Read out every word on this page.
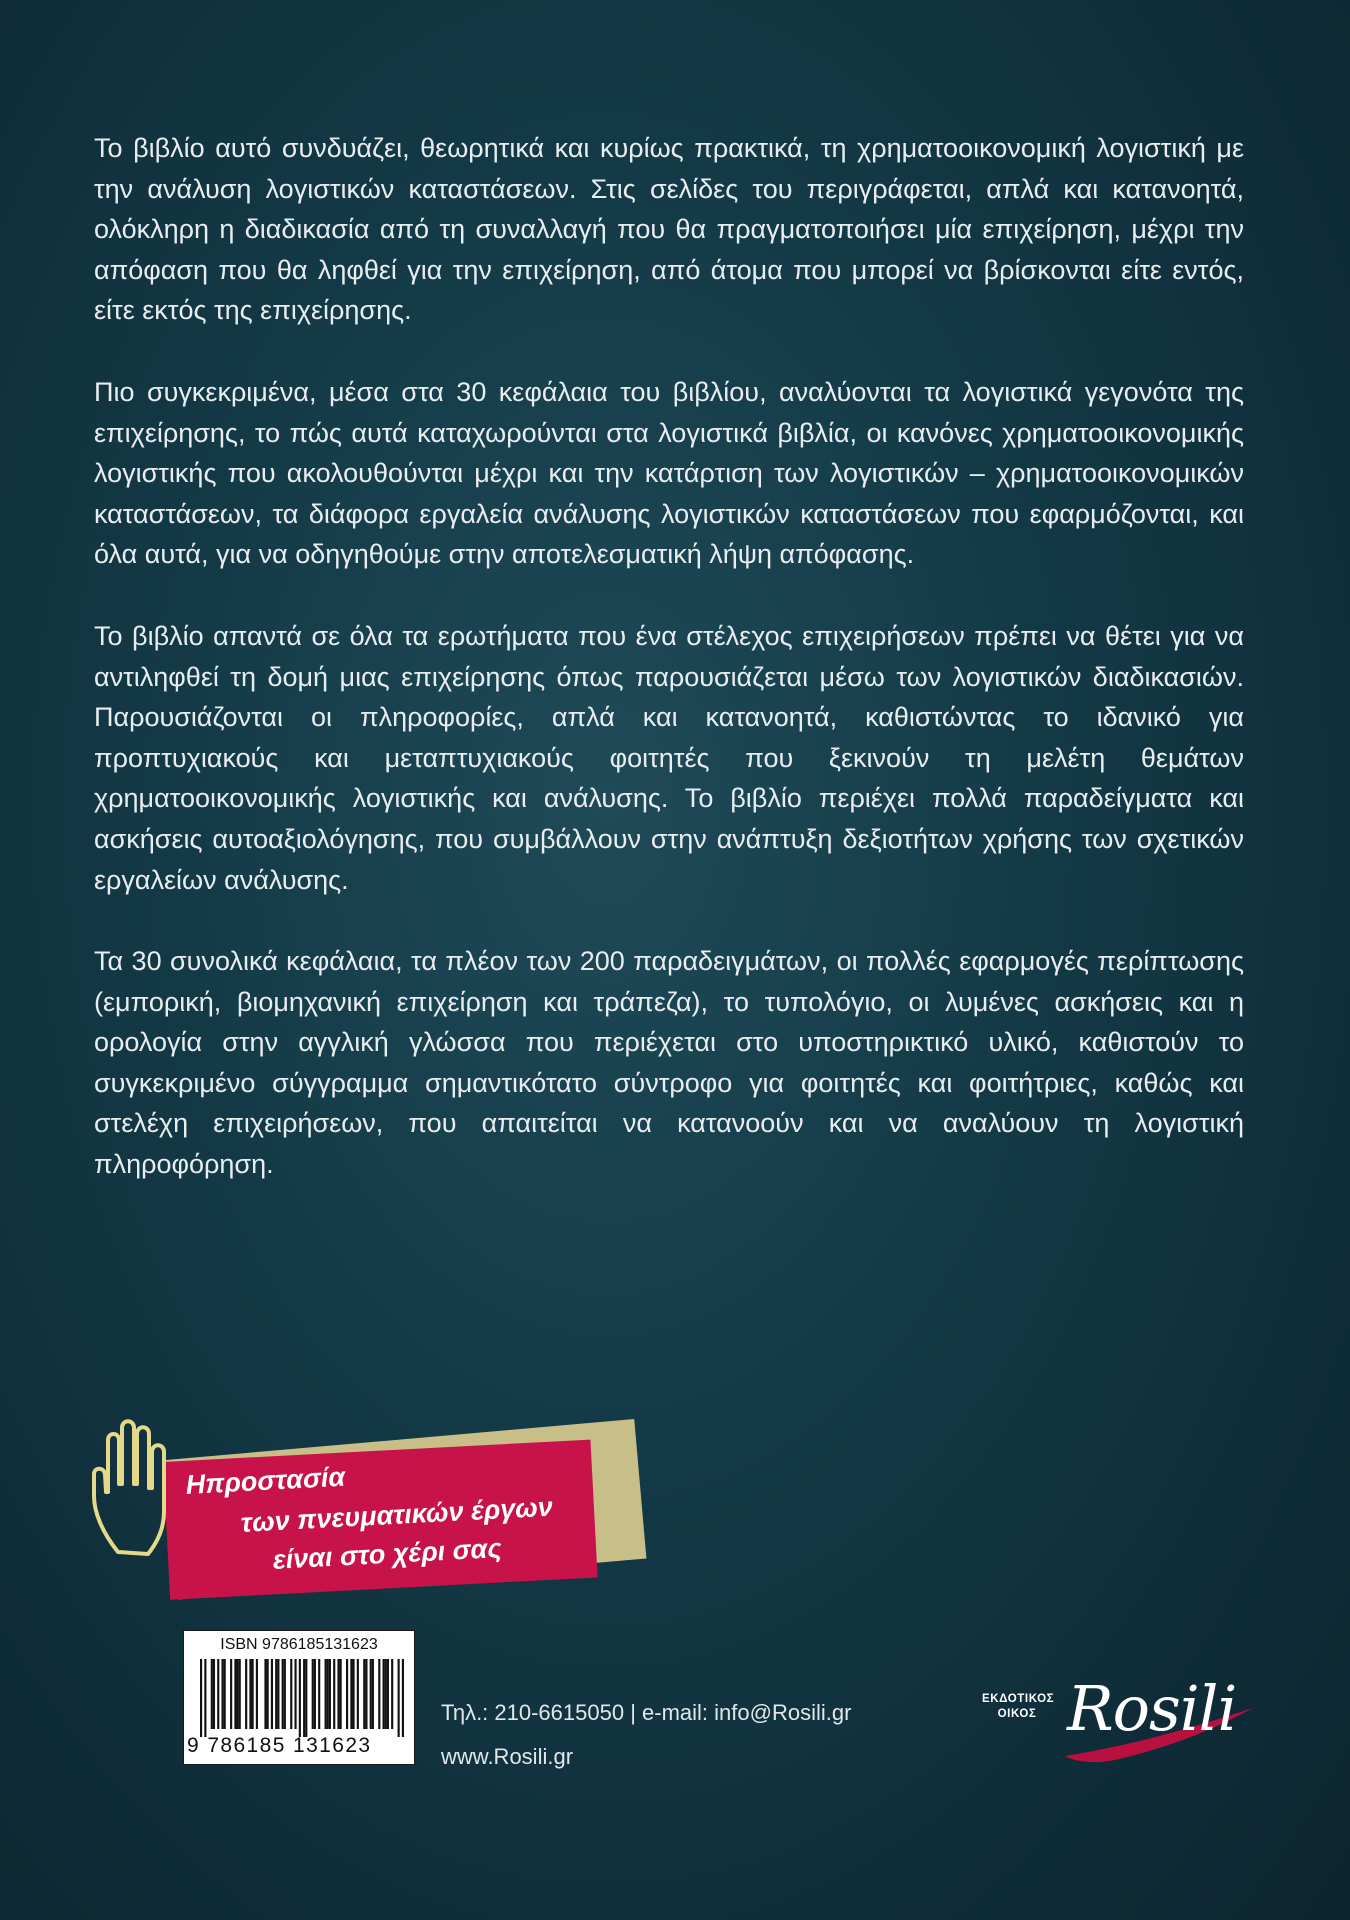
Το βιβλίο αυτό συνδυάζει, θεωρητικά και κυρίως πρακτικά, τη χρηματοοικονομική λογιστική με την ανάλυση λογιστικών καταστάσεων. Στις σελίδες του περιγράφεται, απλά και κατανοητά, ολόκληρη η διαδικασία από τη συναλλαγή που θα πραγματοποιήσει μία επιχείρηση, μέχρι την απόφαση που θα ληφθεί για την επιχείρηση, από άτομα που μπορεί να βρίσκονται είτε εντός, είτε εκτός της επιχείρησης.

Πιο συγκεκριμένα, μέσα στα 30 κεφάλαια του βιβλίου, αναλύονται τα λογιστικά γεγονότα της επιχείρησης, το πώς αυτά καταχωρούνται στα λογιστικά βιβλία, οι κανόνες χρηματοοικονομικής λογιστικής που ακολουθούνται μέχρι και την κατάρτιση των λογιστικών – χρηματοοικονομικών καταστάσεων, τα διάφορα εργαλεία ανάλυσης λογιστικών καταστάσεων που εφαρμόζονται, και όλα αυτά, για να οδηγηθούμε στην αποτελεσματική λήψη απόφασης.

Το βιβλίο απαντά σε όλα τα ερωτήματα που ένα στέλεχος επιχειρήσεων πρέπει να θέτει για να αντιληφθεί τη δομή μιας επιχείρησης όπως παρουσιάζεται μέσω των λογιστικών διαδικασιών. Παρουσιάζονται οι πληροφορίες, απλά και κατανοητά, καθιστώντας το ιδανικό για προπτυχιακούς και μεταπτυχιακούς φοιτητές που ξεκινούν τη μελέτη θεμάτων χρηματοοικονομικής λογιστικής και ανάλυσης. Το βιβλίο περιέχει πολλά παραδείγματα και ασκήσεις αυτοαξιολόγησης, που συμβάλλουν στην ανάπτυξη δεξιοτήτων χρήσης των σχετικών εργαλείων ανάλυσης.

Τα 30 συνολικά κεφάλαια, τα πλέον των 200 παραδειγμάτων, οι πολλές εφαρμογές περίπτωσης (εμπορική, βιομηχανική επιχείρηση και τράπεζα), το τυπολόγιο, οι λυμένες ασκήσεις και η ορολογία στην αγγλική γλώσσα που περιέχεται στο υποστηρικτικό υλικό, καθιστούν το συγκεκριμένο σύγγραμμα σημαντικότατο σύντροφο για φοιτητές και φοιτήτριες, καθώς και στελέχη επιχειρήσεων, που απαιτείται να κατανοούν και να αναλύουν τη λογιστική πληροφόρηση.

Ηπροστασία
των πνευματικών έργων
είναι στο χέρι σας
ISBN 9786185131623
9 786185 131623
Τηλ.: 210-6615050 | e-mail: info@Rosili.gr
www.Rosili.gr
ΕΚΔΟΤΙΚΟΣ
ΟΙΚΟΣ Rosili
